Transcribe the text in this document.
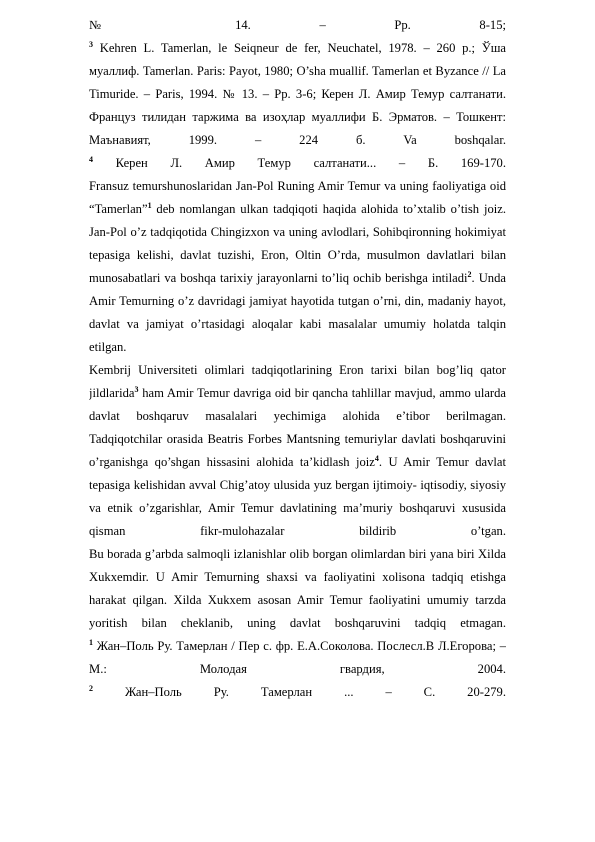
№ 14. – Pp. 8-15;
$^3$ Kehren L. Tamerlan, le Seiqneur de fer, Neuchatel, 1978. – 260 p.; Ўша
муаллиф. Tamerlan. Paris: Payot, 1980; O’sha muallif. Tamerlan et Byzance // La
Timuride. – Paris, 1994. № 13. – Pp. 3-6; Керен Л. Амир Темур салтанати.
Француз тилидан таржима ва изоҳлар муаллифи Б. Эрматов. – Тошкент:
Маънавият, 1999. – 224 б. Va boshqalar.
$^4$ Керен Л. Амир Темур салтанати... – Б. 169-170.
Fransuz temurshunoslaridan Jan-Pol Runing Amir Temur va uning faoliyatiga oid
“Tamerlan”$^1$ deb nomlangan ulkan tadqiqoti haqida alohida to’xtalib o’tish joiz.
Jan-Pol o’z tadqiqotida Chingizxon va uning avlodlari, Sohibqironning hokimiyat
tepasiga kelishi, davlat tuzishi, Eron, Oltin O’rda, musulmon davlatlari bilan
munosabatlari va boshqa tarixiy jarayonlarni to’liq ochib berishga intiladi$^2$. Unda
Amir Temurning o’z davridagi jamiyat hayotida tutgan o’rni, din, madaniy hayot,
davlat va jamiyat o’rtasidagi aloqalar kabi masalalar umumiy holatda talqin
etilgan.
Kembrij Universiteti olimlari tadqiqotlarining Eron tarixi bilan bog’liq qator
jildlarida$^3$ ham Amir Temur davriga oid bir qancha tahlillar mavjud, ammo ularda
davlat boshqaruv masalalari yechimiga alohida e’tibor berilmagan.
Tadqiqotchilar orasida Beatris Forbes Mantsning temuriylar davlati boshqaruvini
o’rganishga qo’shgan hissasini alohida ta’kidlash joiz$^4$. U Amir Temur davlat
tepasiga kelishidan avval Chig’atoy ulusida yuz bergan ijtimoiy- iqtisodiy, siyosiy
va etnik o’zgarishlar, Amir Temur davlatining ma’muriy boshqaruvi xususida
qisman fikr-mulohazalar bildirib o’tgan.
Bu borada g’arbda salmoqli izlanishlar olib borgan olimlardan biri yana biri Xilda
Xukxemdir. U Amir Temurning shaxsi va faoliyatini xolisona tadqiq etishga
harakat qilgan. Xilda Xukxem asosan Amir Temur faoliyatini umumiy tarzda
yoritish bilan cheklanib, uning davlat boshqaruvini tadqiq etmagan.
$^1$ Жан–Поль Ру. Тамерлан / Пер с. фр. Е.А.Соколова. Послесл.В Л.Егорова; –
М.: Молодая гвардия, 2004.
$^2$ Жан–Поль Ру. Тамерлан ... – С. 20-279.
